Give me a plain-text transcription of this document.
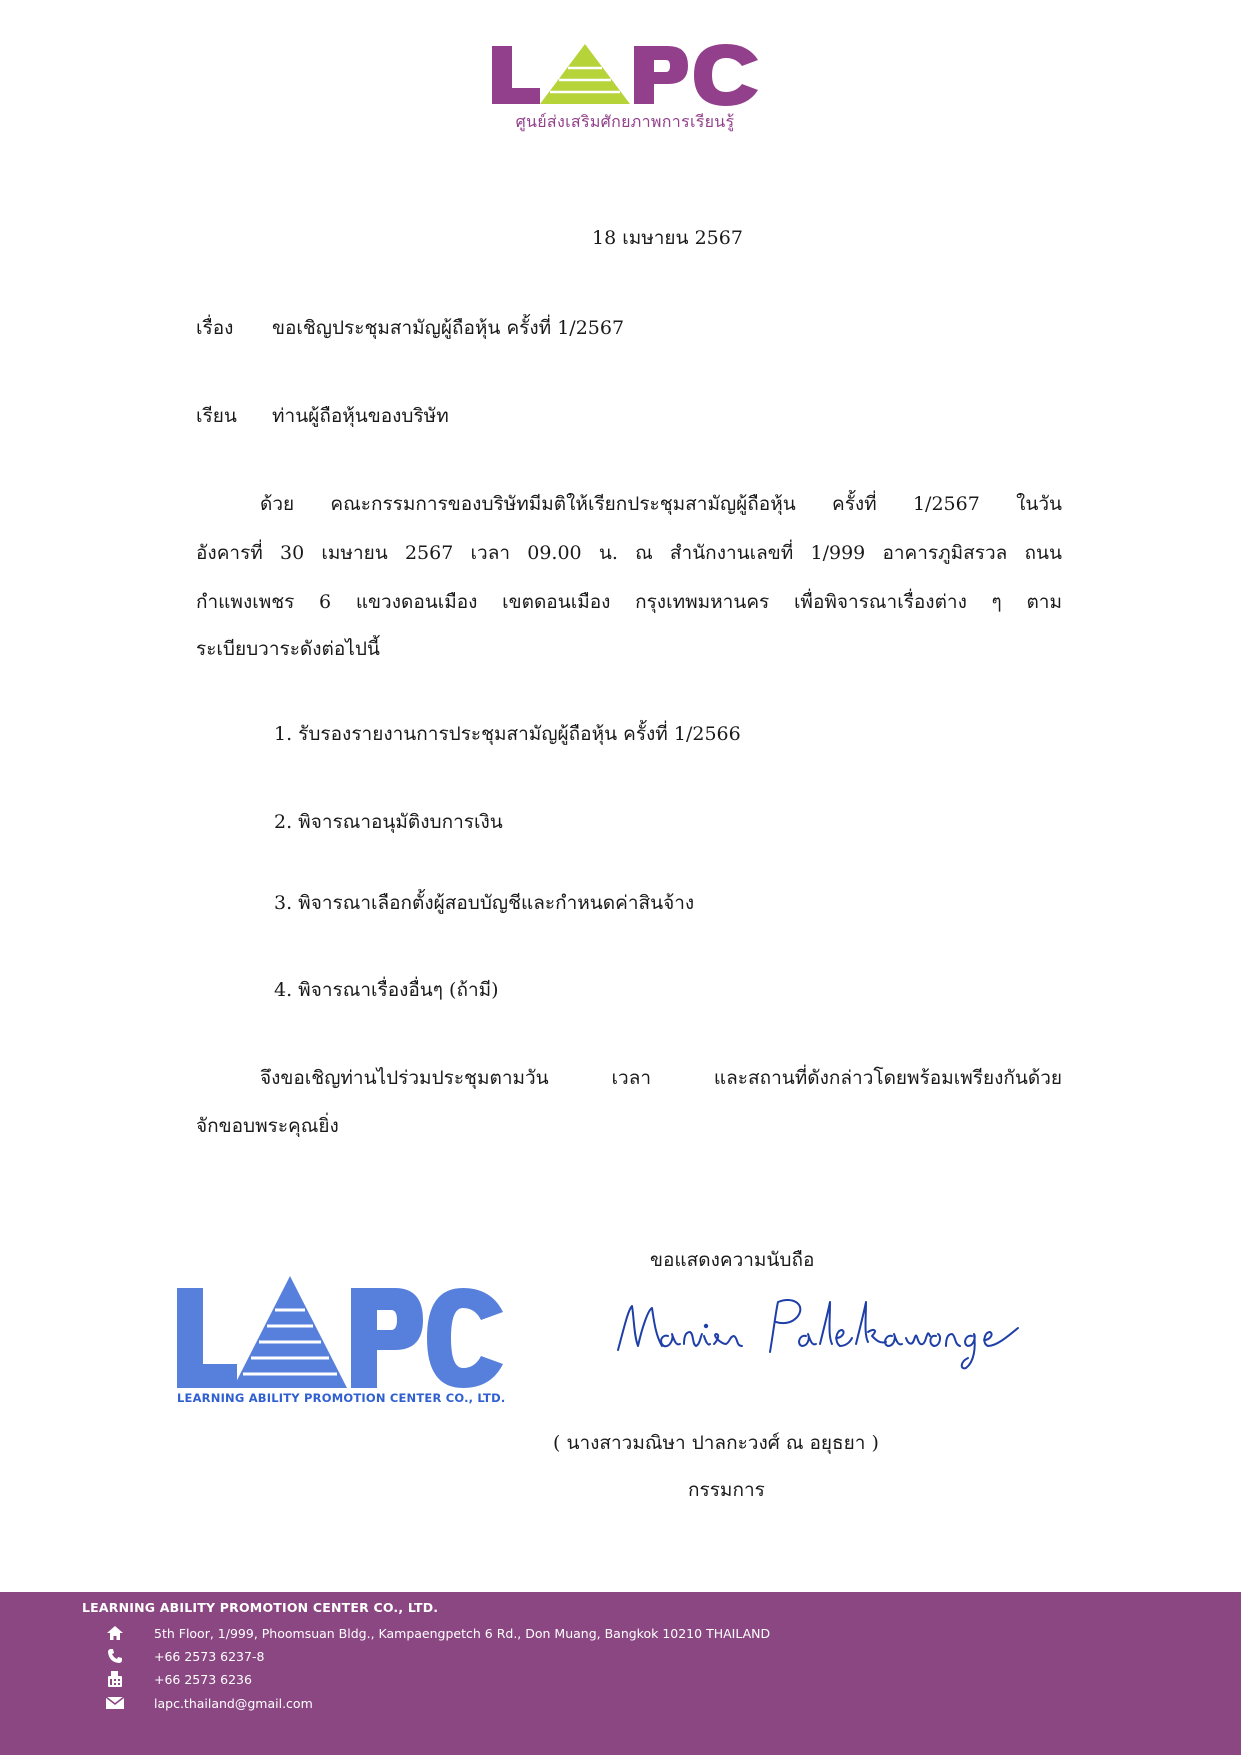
ศูนย์ส่งเสริมศักยภาพการเรียนรู้
18 เมษายน 2567
เรื่อง ขอเชิญประชุมสามัญผู้ถือหุ้น ครั้งที่ 1/2567
เรียน ท่านผู้ถือหุ้นของบริษัท
ด้วย คณะกรรมการของบริษัทมีมติให้เรียกประชุมสามัญผู้ถือหุ้น ครั้งที่ 1/2567 ในวัน
อังคารที่ 30 เมษายน 2567 เวลา 09.00 น. ณ สำนักงานเลขที่ 1/999 อาคารภูมิสรวล ถนน
กำแพงเพชร 6 แขวงดอนเมือง เขตดอนเมือง กรุงเทพมหานคร เพื่อพิจารณาเรื่องต่าง ๆ ตาม
ระเบียบวาระดังต่อไปนี้
1. รับรองรายงานการประชุมสามัญผู้ถือหุ้น ครั้งที่ 1/2566
2. พิจารณาอนุมัติงบการเงิน
3. พิจารณาเลือกตั้งผู้สอบบัญชีและกำหนดค่าสินจ้าง
4. พิจารณาเรื่องอื่นๆ (ถ้ามี)
จึงขอเชิญท่านไปร่วมประชุมตามวัน เวลา และสถานที่ดังกล่าวโดยพร้อมเพรียงกันด้วย
จักขอบพระคุณยิ่ง
ขอแสดงความนับถือ
( นางสาวมณิษา ปาลกะวงศ์ ณ อยุธยา )
กรรมการ
LEARNING ABILITY PROMOTION CENTER CO., LTD.
LEARNING ABILITY PROMOTION CENTER CO., LTD.
5th Floor, 1/999, Phoomsuan Bldg., Kampaengpetch 6 Rd., Don Muang, Bangkok 10210 THAILAND
+66 2573 6237-8
+66 2573 6236
lapc.thailand@gmail.com
